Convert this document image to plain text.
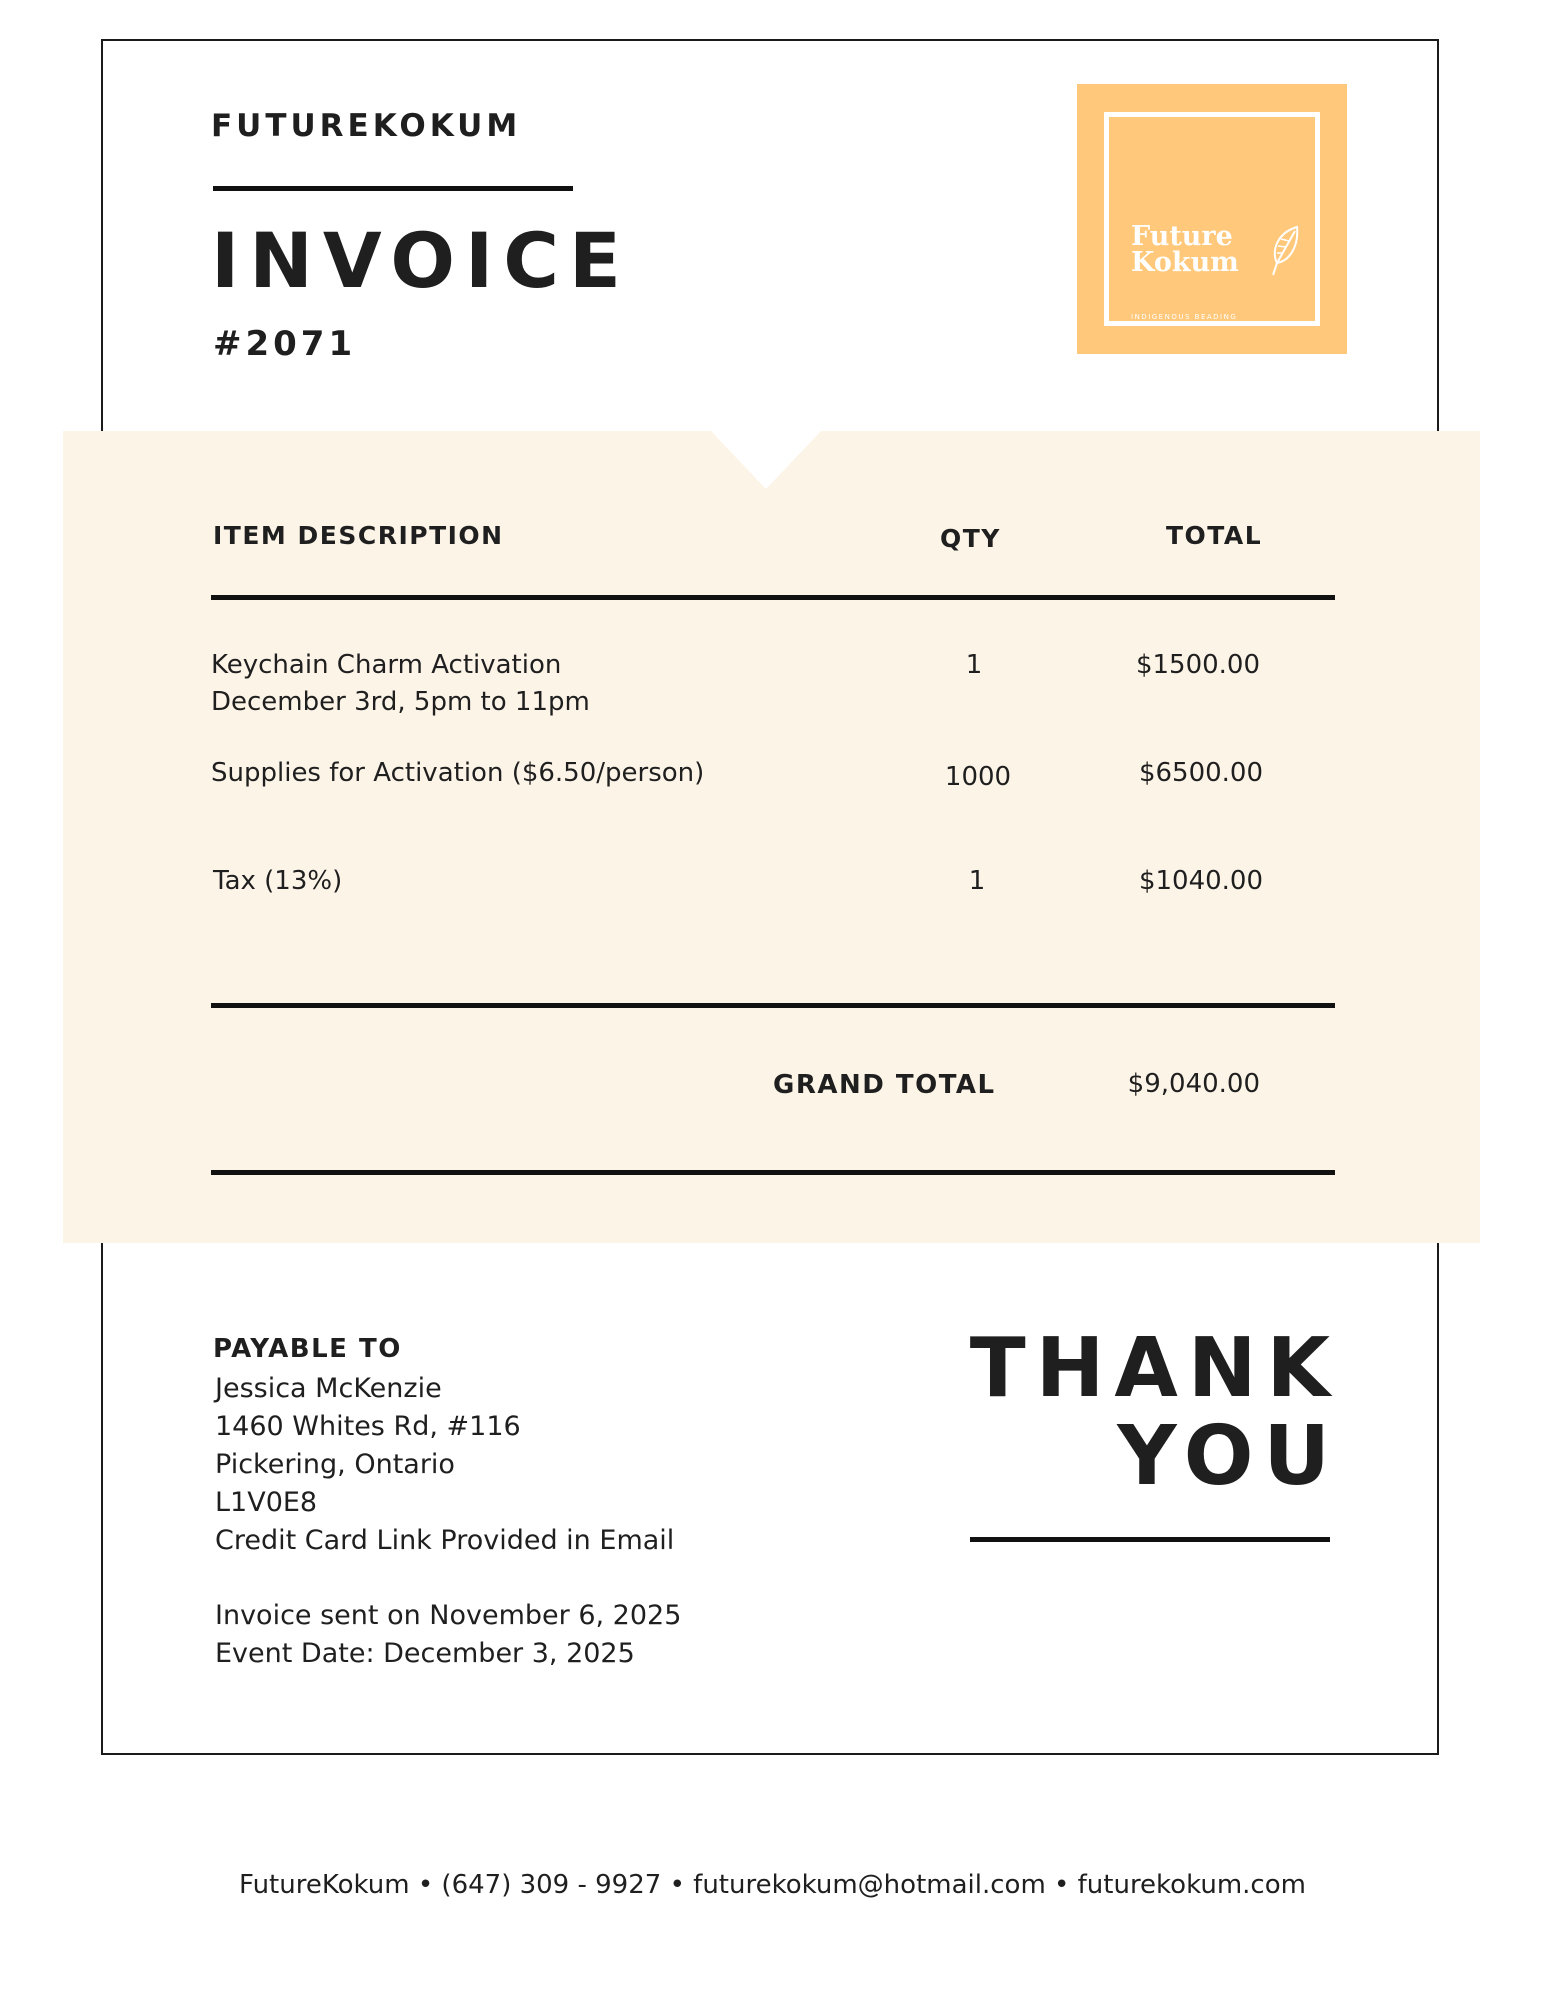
FUTUREKOKUM
INVOICE
#2071
Future
Kokum
INDIGENOUS BEADING
ITEM DESCRIPTION	QTY	TOTAL
Keychain Charm Activation
December 3rd, 5pm to 11pm
1	$1500.00
Supplies for Activation ($6.50/person)	1000	$6500.00
Tax (13%)	1	$1040.00
GRAND TOTAL	$9,040.00
PAYABLE TO
Jessica McKenzie
1460 Whites Rd, #116
Pickering, Ontario
L1V0E8
Credit Card Link Provided in Email
Invoice sent on November 6, 2025
Event Date: December 3, 2025
THANK
YOU
FutureKokum • (647) 309 - 9927 • futurekokum@hotmail.com • futurekokum.com
